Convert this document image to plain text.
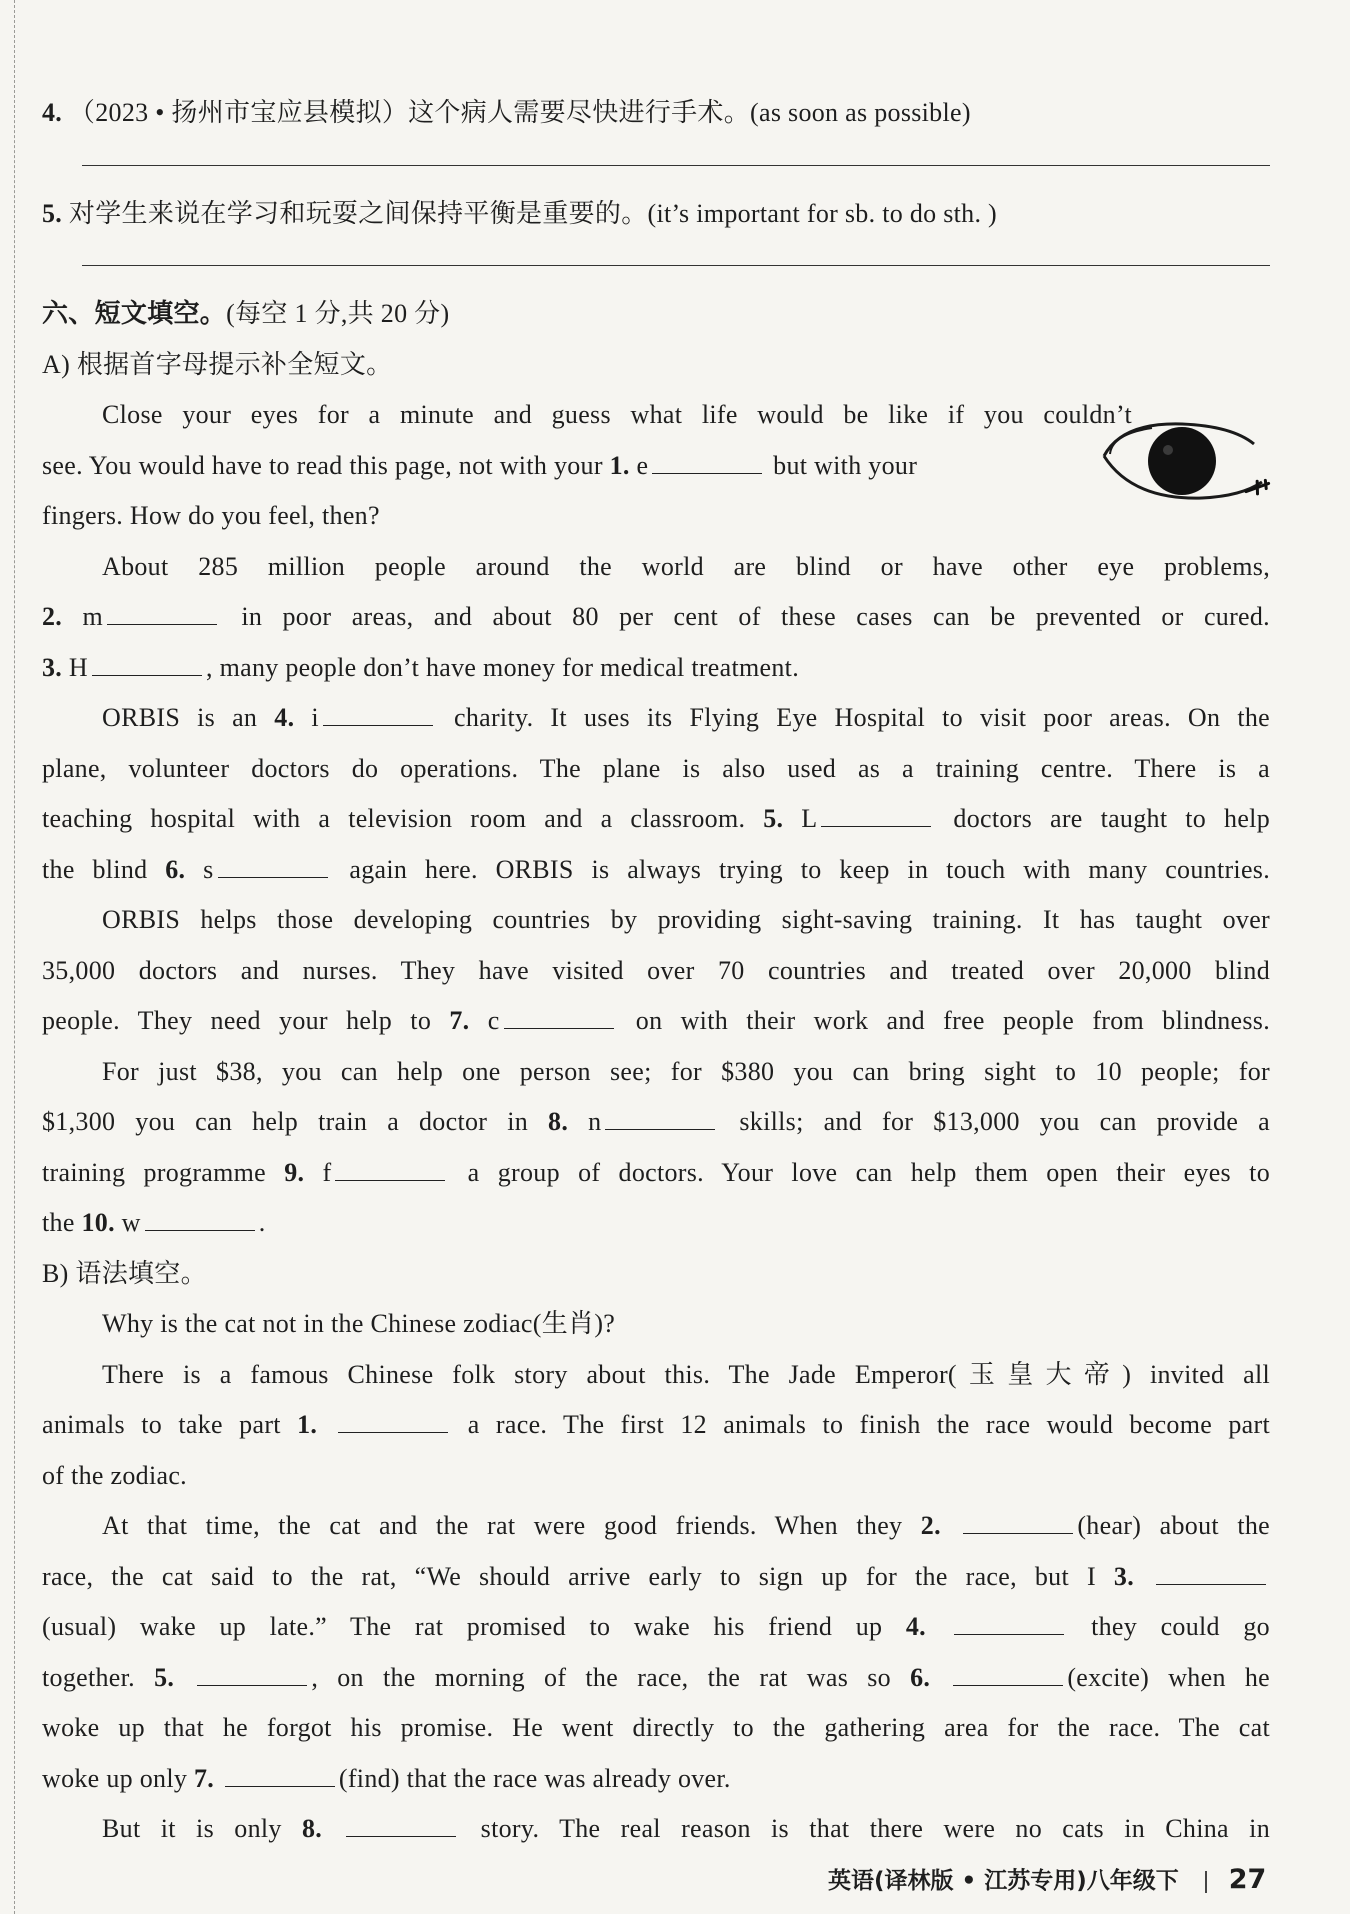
4. （2023 • 扬州市宝应县模拟）这个病人需要尽快进行手术。(as soon as possible)
5. 对学生来说在学习和玩耍之间保持平衡是重要的。(it’s important for sb. to do sth. )
六、短文填空。(每空 1 分,共 20 分)
A) 根据首字母提示补全短文。
Close your eyes for a minute and guess what life would be like if you couldn’t
see. You would have to read this page, not with your 1. e	but with your
fingers. How do you feel, then?
About 285 million people around the world are blind or have other eye problems,
2. m	in poor areas, and about 80 per cent of these cases can be prevented or cured.
3. H	, many people don’t have money for medical treatment.
ORBIS is an 4. i	charity. It uses its Flying Eye Hospital to visit poor areas. On the
plane, volunteer doctors do operations. The plane is also used as a training centre. There is a
teaching hospital with a television room and a classroom. 5. L	doctors are taught to help
the blind 6. s	again here. ORBIS is always trying to keep in touch with many countries.
ORBIS helps those developing countries by providing sight-saving training. It has taught over
35,000 doctors and nurses. They have visited over 70 countries and treated over 20,000 blind
people. They need your help to 7. c	on with their work and free people from blindness.
For just $38, you can help one person see; for $380 you can bring sight to 10 people; for
$1,300 you can help train a doctor in 8. n	skills; and for $13,000 you can provide a
training programme 9. f	a group of doctors. Your love can help them open their eyes to
the 10. w	.
B) 语法填空。
Why is the cat not in the Chinese zodiac(生肖)?
There is a famous Chinese folk story about this. The Jade Emperor(玉皇大帝) invited all
animals to take part 1.	a race. The first 12 animals to finish the race would become part
of the zodiac.
At that time, the cat and the rat were good friends. When they 2.	(hear) about the
race, the cat said to the rat, “We should arrive early to sign up for the race, but I 3.
(usual) wake up late.” The rat promised to wake his friend up 4.	they could go
together. 5.	, on the morning of the race, the rat was so 6.	(excite) when he
woke up that he forgot his promise. He went directly to the gathering area for the race. The cat
woke up only 7.	(find) that the race was already over.
But it is only 8.	story. The real reason is that there were no cats in China in
英语(译林版 • 江苏专用)八年级下 27
